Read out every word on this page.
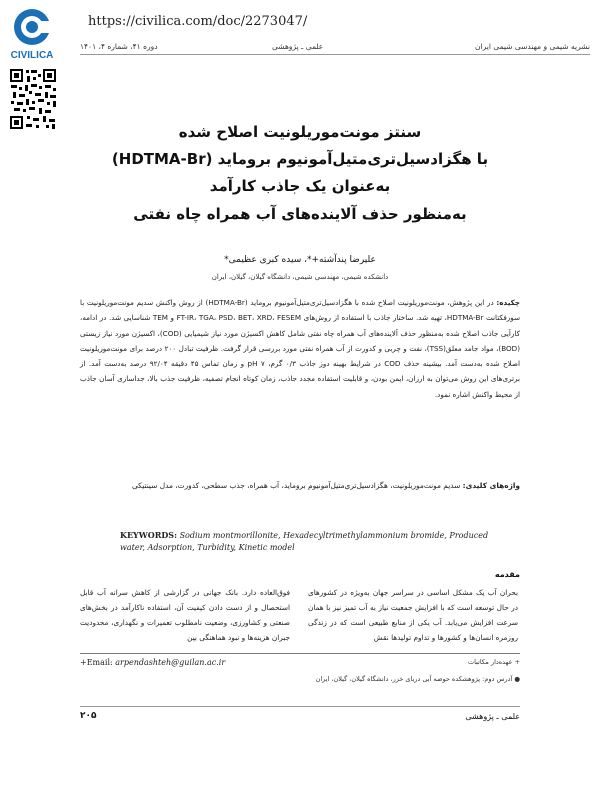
CIVILICA
https://civilica.com/doc/2273047/
نشریه شیمی و مهندسی شیمی ایران
علمی ـ پژوهشی
دوره ۴۱، شماره ۴، ۱۴۰۱
سنتز مونت‌موریلونیت اصلاح شده
با هگزادسیل‌تری‌متیل‌آمونیوم برومايد (HDTMA-Br)
به‌عنوان یک جاذب کارآمد
به‌منظور حذف آلاینده‌های آب همراه چاه نفتی
علیرضا پندآشته‌+*، سیده کبری عظیمی*
دانشکده شیمی، مهندسی شیمی، دانشگاه گیلان، گیلان، ایران
چکیده: در این پژوهش، مونت‌موریلونیت اصلاح شده با هگزادسیل‌تری‌متیل‌آمونیوم برومايد (HDTMA-Br) از روش واکنش سدیم مونت‌موریلونیت با سورفکتانت HDTMA-Br، تهیه شد. ساختار جاذب با استفاده از روش‌های FT-IR، TGA، PSD، BET، XRD، FESEM و TEM شناسایی شد. در ادامه، کارآیی جاذب اصلاح شده به‌منظور حذف آلاینده‌های آب همراه چاه نفتی شامل کاهش اکسیژن مورد نیاز شیمیایی (COD)، اکسیژن مورد نیاز زیستی (BOD)، مواد جامد معلق(TSS)، نفت و چربی و کدورت از آب همراه نفتی مورد بررسی قرار گرفت. ظرفیت تبادل ۲۰۰ درصد برای مونت‌موریلونیت اصلاح شده به‌دست آمد. بیشینه حذف COD در شرایط بهینه دوز جاذب ۰/۳ گرم، pH ۷ و زمان تماس ۴۵ دقیقه ۹۲/۰۴ درصد به‌دست آمد. از برتری‌های این روش می‌توان به ارزان، ایمن بودن، و قابلیت استفاده مجدد جاذب، زمان کوتاه انجام تصفیه، ظرفیت جذب بالا، جداسازی آسان جاذب از محیط واکنش اشاره نمود.
واژه‌های کلیدی: سدیم مونت‌موریلونیت، هگزادسیل‌تری‌متیل‌آمونیوم برومايد، آب همراه، جذب سطحی، کدورت، مدل سینتیکی
KEYWORDS: Sodium montmorillonite, Hexadecyltrimethylammonium bromide, Produced water, Adsorption, Turbidity, Kinetic model
مقدمه
بحران آب یک مشکل اساسی در سراسر جهان به‌ویژه در کشورهای در حال توسعه است که با افزایش جمعیت نیاز به آب تمیز نیز با همان سرعت افزایش می‌یابد. آب یکی از منابع طبیعی است که در زندگی روزمره انسان‌ها و کشورها و تداوم تولیدها نقش
فوق‌العاده دارد. بانک جهانی در گزارشی از کاهش سرانه آب قابل استحصال و از دست دادن کیفیت آن، استفاده ناکارآمد در بخش‌های صنعتی و کشاورزی، وضعیت نامطلوب تعمیرات و نگهداری، محدودیت جبران هزینه‌ها و نبود هماهنگی بین
+ عهده‌دار مکاتبات
● آدرس دوم: پژوهشکده حوضه آبی دریای خزر، دانشگاه گیلان، گیلان، ایران
+Email: arpendashteh@guilan.ac.ir
علمی ـ پژوهشی
۲۰۵
